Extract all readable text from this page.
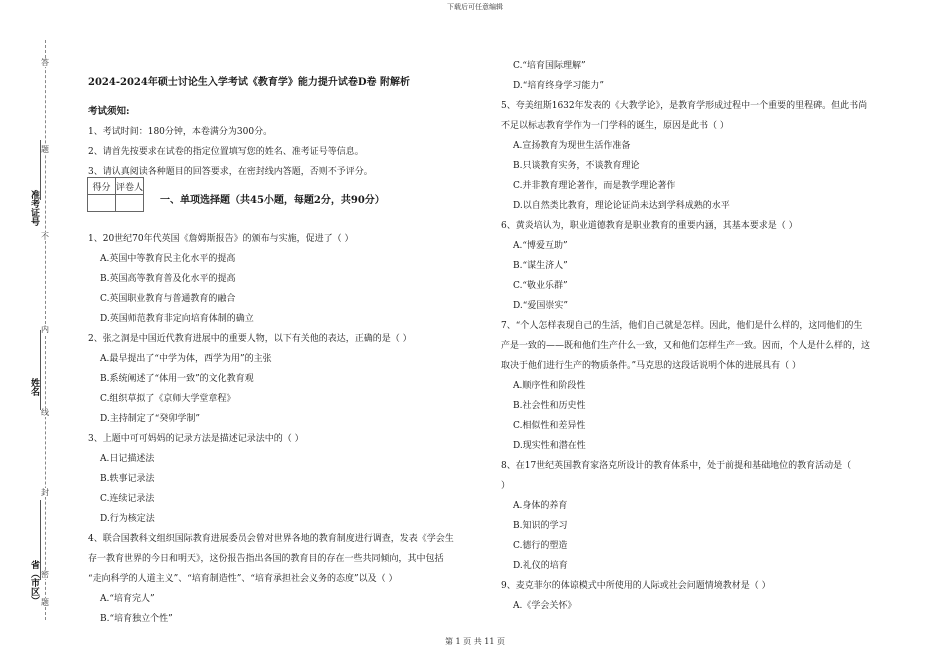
下载后可任意编辑
第 1 页 共 11 页
准考证号
姓名
省（市区）
答
题
不
内
线
封
密
题

2024-2024年硕士讨论生入学考试《教育学》能力提升试卷D卷 附解析

考试须知:

1、考试时间：180分钟，本卷满分为300分。

2、请首先按要求在试卷的指定位置填写您的姓名、准考证号等信息。

3、请认真阅读各种题目的回答要求，在密封线内答题，否则不予评分。

得分	评卷人

一、单项选择题（共45小题，每题2分，共90分）

1、20世纪70年代英国《詹姆斯报告》的颁布与实施，促进了（ ）

A.英国中等教育民主化水平的提高

B.英国高等教育普及化水平的提高

C.英国职业教育与普通教育的融合

D.英国师范教育非定向培育体制的确立

2、张之洞是中国近代教育进展中的重要人物，以下有关他的表达，正确的是（ ）

A.最早提出了“中学为体，西学为用”的主张

B.系统阐述了“体用一致”的文化教育观

C.组织草拟了《京师大学堂章程》

D.主持制定了“癸卯学制”

3、上题中可可妈妈的记录方法是描述记录法中的（ ）

A.日记描述法

B.轶事记录法

C.连续记录法

D.行为核定法

4、联合国教科文组织国际教育进展委员会曾对世界各地的教育制度进行调查，发表《学会生

存一教育世界的今日和明天》，这份报告指出各国的教育目的存在一些共同倾向，其中包括

“走向科学的人道主义”、“培育制造性”、“培育承担社会义务的态度”以及（ ）

A.“培育完人”

B.“培育独立个性”

C.“培育国际理解”

D.“培育终身学习能力”

5、夸美纽斯1632年发表的《大教学论》，是教育学形成过程中一个重要的里程碑。但此书尚

不足以标志教育学作为一门学科的诞生，原因是此书（ ）

A.宣扬教育为现世生活作准备

B.只谈教育实务，不谈教育理论

C.并非教育理论著作，而是教学理论著作

D.以自然类比教育，理论论证尚未达到学科成熟的水平

6、黄炎培认为，职业道德教育是职业教育的重要内涵，其基本要求是（ ）

A.“博爱互助”

B.“谋生济人”

C.“敬业乐群”

D.“爱国崇实”

7、“个人怎样表现自己的生活，他们自己就是怎样。因此，他们是什么样的，这同他们的生

产是一致的——既和他们生产什么一致，又和他们怎样生产一致。因而，个人是什么样的，这

取决于他们进行生产的物质条件。”马克思的这段话说明个体的进展具有（ ）

A.顺序性和阶段性

B.社会性和历史性

C.相似性和差异性

D.现实性和潜在性

8、在17世纪英国教育家洛克所设计的教育体系中，处于前提和基础地位的教育活动是（

）

A.身体的养育

B.知识的学习

C.德行的塑造

D.礼仪的培育

9、麦克菲尔的体谅模式中所使用的人际或社会问题情境教材是（ ）

A.《学会关怀》
